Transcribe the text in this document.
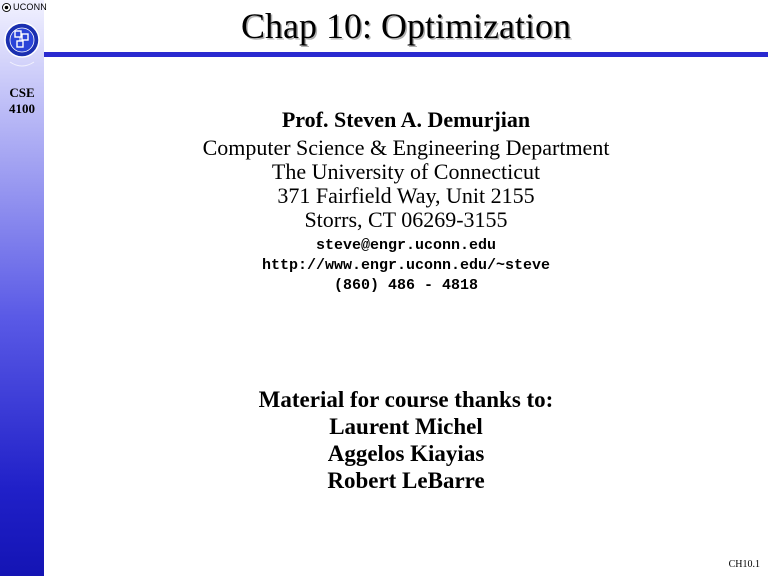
UCONN
CSE
4100
Chap 10: Optimization
Prof. Steven A. Demurjian
Computer Science & Engineering Department
The University of Connecticut
371 Fairfield Way, Unit 2155
Storrs, CT 06269-3155
steve@engr.uconn.edu
http://www.engr.uconn.edu/~steve
(860) 486 - 4818
Material for course thanks to:
Laurent Michel
Aggelos Kiayias
Robert LeBarre
CH10.1
